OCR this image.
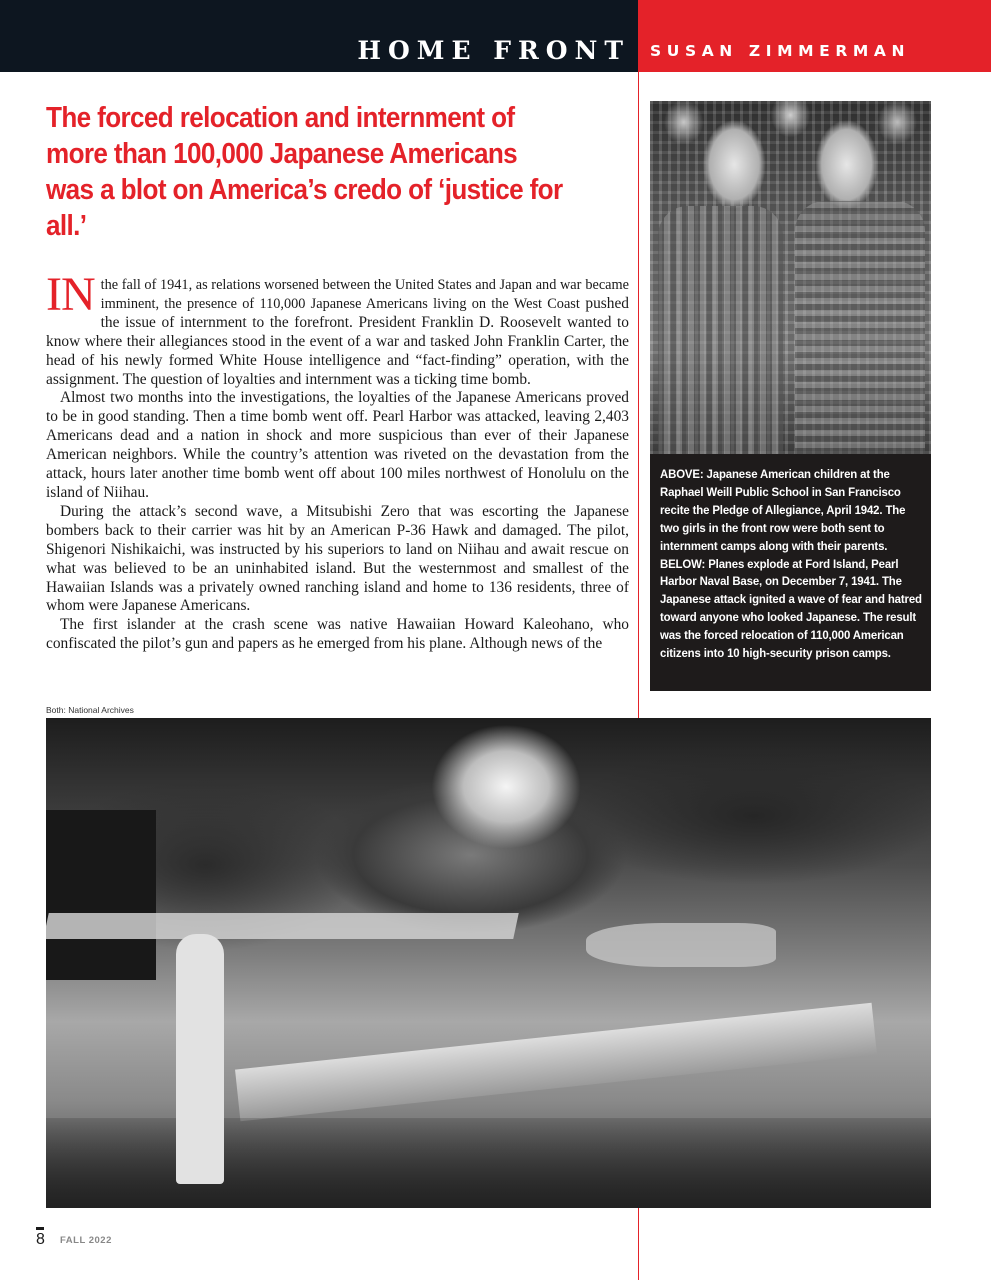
HOME FRONT SUSAN ZIMMERMAN
The forced relocation and internment of more than 100,000 Japanese Americans was a blot on America’s credo of ‘justice for all.’

IN the fall of 1941, as relations worsened between the United States and Japan and war became imminent, the presence of 110,000 Japanese Americans living on the West Coast pushed the issue of internment to the forefront. President Franklin D. Roosevelt wanted to know where their allegiances stood in the event of a war and tasked John Franklin Carter, the head of his newly formed White House intelligence and “fact-finding” operation, with the assignment. The question of loyalties and internment was a ticking time bomb.

Almost two months into the investigations, the loyalties of the Japanese Americans proved to be in good standing. Then a time bomb went off. Pearl Harbor was attacked, leaving 2,403 Americans dead and a nation in shock and more suspicious than ever of their Japanese American neighbors. While the country’s attention was riveted on the devastation from the attack, hours later another time bomb went off about 100 miles northwest of Honolulu on the island of Niihau.

During the attack’s second wave, a Mitsubishi Zero that was escorting the Japanese bombers back to their carrier was hit by an American P-36 Hawk and damaged. The pilot, Shigenori Nishikaichi, was instructed by his superiors to land on Niihau and await rescue on what was believed to be an uninhabited island. But the westernmost and smallest of the Hawaiian Islands was a privately owned ranching island and home to 136 residents, three of whom were Japanese Americans.

The first islander at the crash scene was native Hawaiian Howard Kaleohano, who confiscated the pilot’s gun and papers as he emerged from his plane. Although news of the

ABOVE: Japanese American children at the Raphael Weill Public School in San Francisco recite the Pledge of Allegiance, April 1942. The two girls in the front row were both sent to internment camps along with their parents. BELOW: Planes explode at Ford Island, Pearl Harbor Naval Base, on December 7, 1941. The Japanese attack ignited a wave of fear and hatred toward anyone who looked Japanese. The result was the forced relocation of 110,000 American citizens into 10 high-security prison camps.
Both: National Archives
8 FALL 2022
